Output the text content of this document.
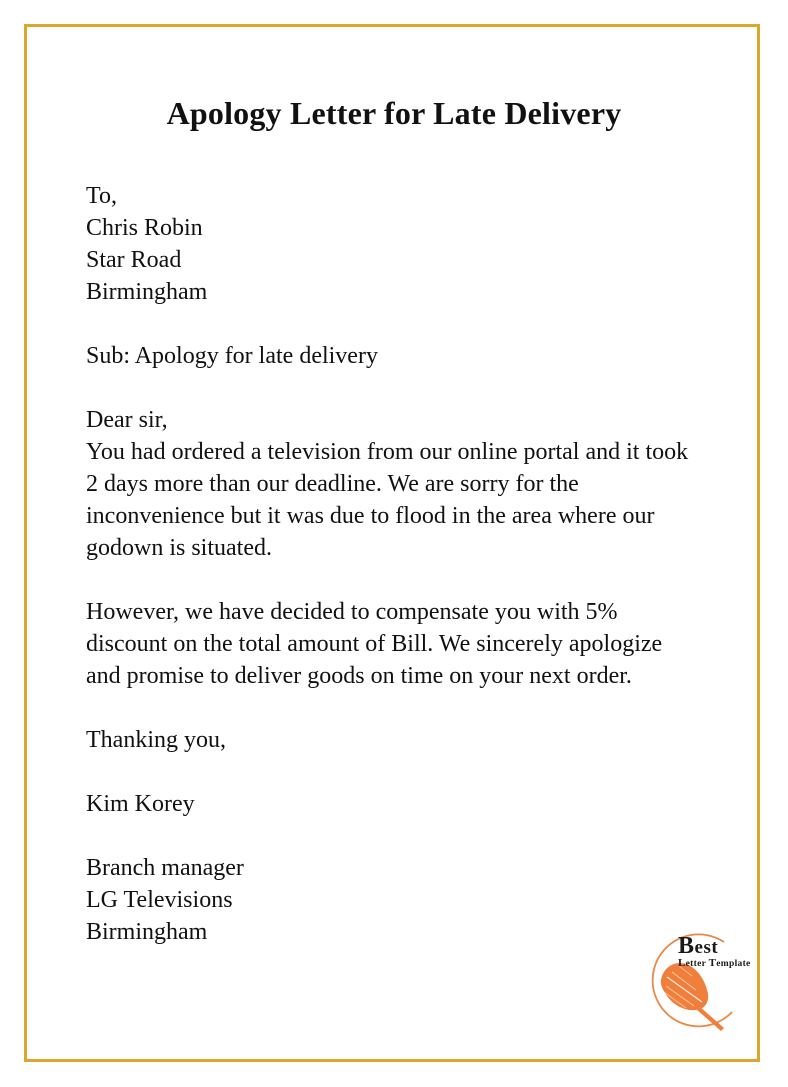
Apology Letter for Late Delivery
To,
Chris Robin
Star Road
Birmingham
Sub: Apology for late delivery
Dear sir,

You had ordered a television from our online portal and it took 2 days more than our deadline. We are sorry for the inconvenience but it was due to flood in the area where our godown is situated.

However, we have decided to compensate you with 5% discount on the total amount of Bill. We sincerely apologize and promise to deliver goods on time on your next order.

Thanking you,
Kim Korey
Branch manager
LG Televisions
Birmingham
Best
Letter Template
